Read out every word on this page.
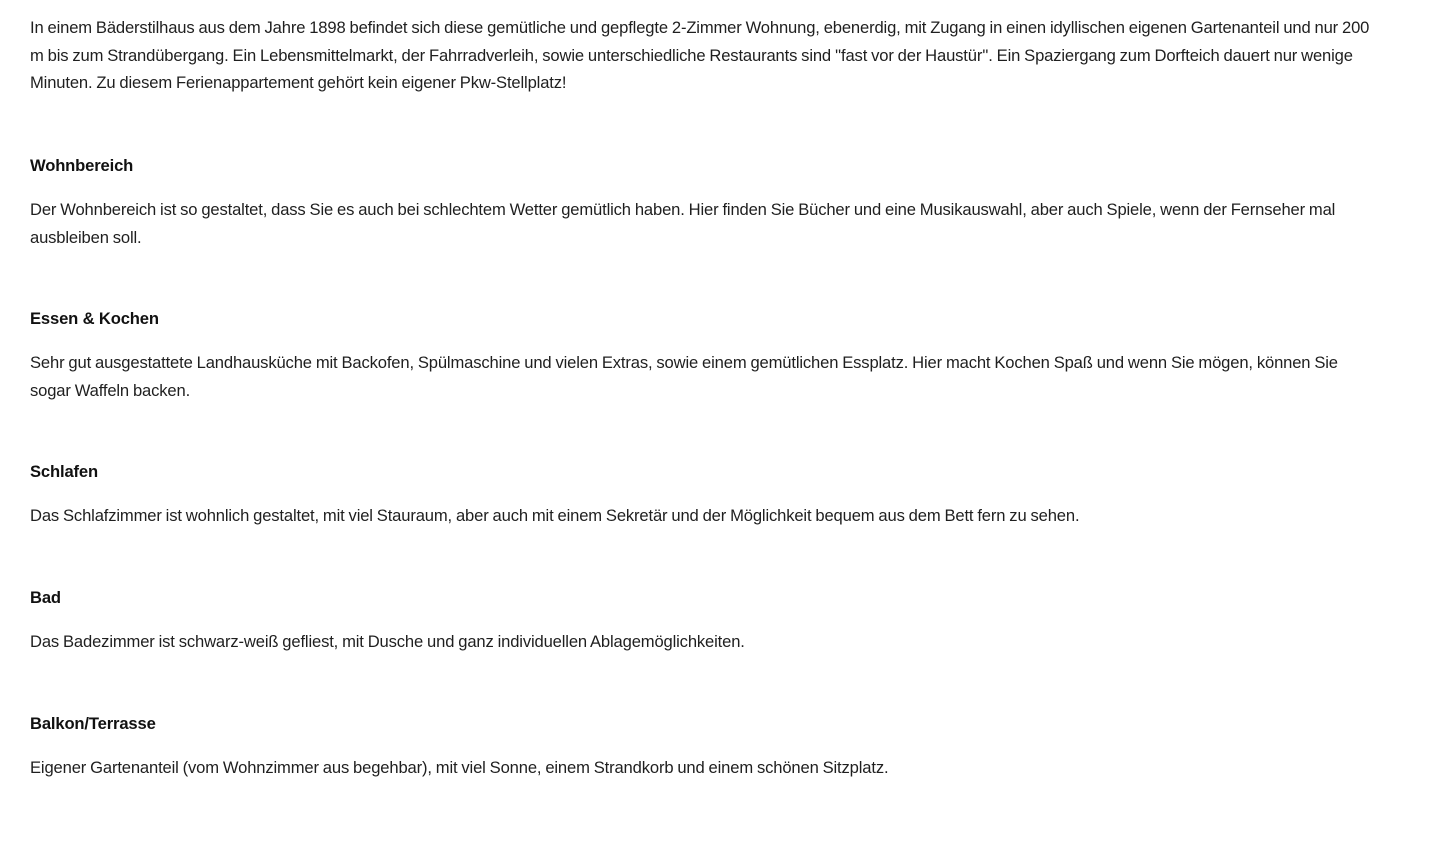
In einem Bäderstilhaus aus dem Jahre 1898 befindet sich diese gemütliche und gepflegte 2-Zimmer Wohnung, ebenerdig, mit Zugang in einen idyllischen eigenen Gartenanteil und nur 200 m bis zum Strandübergang. Ein Lebensmittelmarkt, der Fahrradverleih, sowie unterschiedliche Restaurants sind ''fast vor der Haustür''. Ein Spaziergang zum Dorfteich dauert nur wenige Minuten. Zu diesem Ferienappartement gehört kein eigener Pkw-Stellplatz!

Wohnbereich

Der Wohnbereich ist so gestaltet, dass Sie es auch bei schlechtem Wetter gemütlich haben. Hier finden Sie Bücher und eine Musikauswahl, aber auch Spiele, wenn der Fernseher mal ausbleiben soll.

Essen & Kochen

Sehr gut ausgestattete Landhausküche mit Backofen, Spülmaschine und vielen Extras, sowie einem gemütlichen Essplatz. Hier macht Kochen Spaß und wenn Sie mögen, können Sie sogar Waffeln backen.

Schlafen

Das Schlafzimmer ist wohnlich gestaltet, mit viel Stauraum, aber auch mit einem Sekretär und der Möglichkeit bequem aus dem Bett fern zu sehen.

Bad

Das Badezimmer ist schwarz-weiß gefliest, mit Dusche und ganz individuellen Ablagemöglichkeiten.

Balkon/Terrasse

Eigener Gartenanteil (vom Wohnzimmer aus begehbar), mit viel Sonne, einem Strandkorb und einem schönen Sitzplatz.
